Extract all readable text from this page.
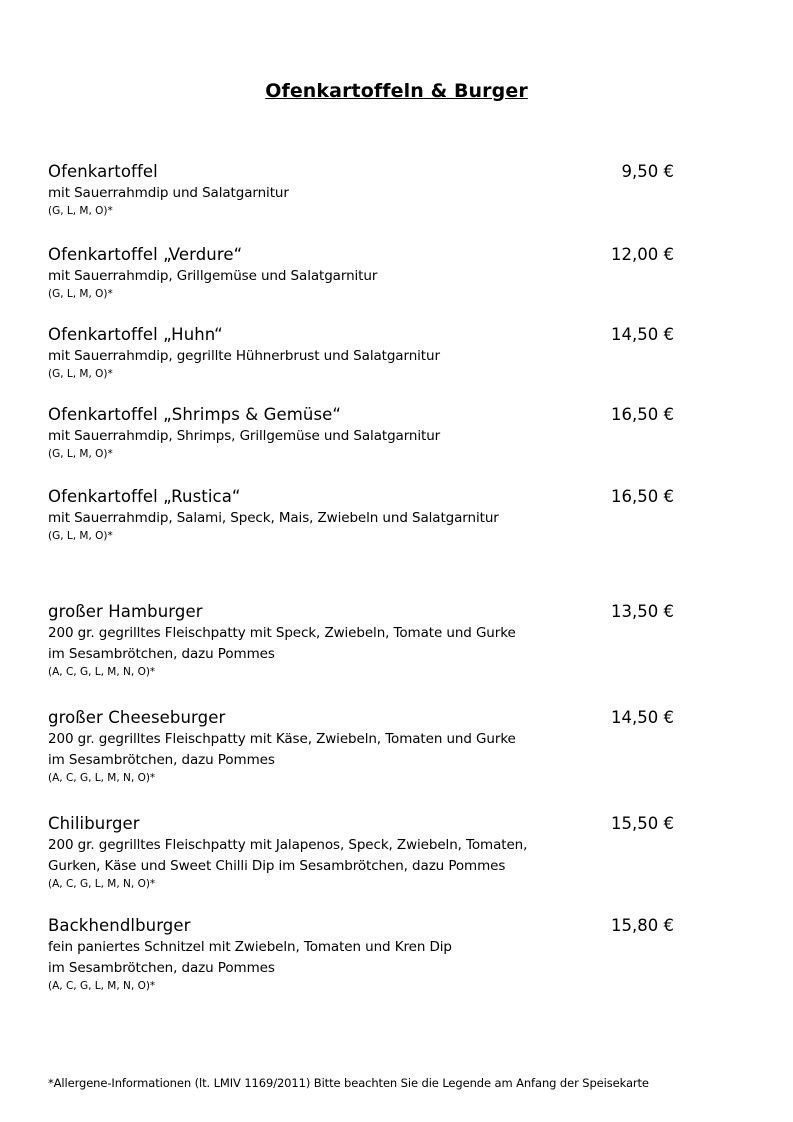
Ofenkartoffeln & Burger
Ofenkartoffel	9,50 €
mit Sauerrahmdip und Salatgarnitur
(G, L, M, O)*
Ofenkartoffel „Verdure“	12,00 €
mit Sauerrahmdip, Grillgemüse und Salatgarnitur
(G, L, M, O)*
Ofenkartoffel „Huhn“	14,50 €
mit Sauerrahmdip, gegrillte Hühnerbrust und Salatgarnitur
(G, L, M, O)*
Ofenkartoffel „Shrimps & Gemüse“	16,50 €
mit Sauerrahmdip, Shrimps, Grillgemüse und Salatgarnitur
(G, L, M, O)*
Ofenkartoffel „Rustica“	16,50 €
mit Sauerrahmdip, Salami, Speck, Mais, Zwiebeln und Salatgarnitur
(G, L, M, O)*
großer Hamburger	13,50 €
200 gr. gegrilltes Fleischpatty mit Speck, Zwiebeln, Tomate und Gurke
im Sesambrötchen, dazu Pommes
(A, C, G, L, M, N, O)*
großer Cheeseburger	14,50 €
200 gr. gegrilltes Fleischpatty mit Käse, Zwiebeln, Tomaten und Gurke
im Sesambrötchen, dazu Pommes
(A, C, G, L, M, N, O)*
Chiliburger	15,50 €
200 gr. gegrilltes Fleischpatty mit Jalapenos, Speck, Zwiebeln, Tomaten,
Gurken, Käse und Sweet Chilli Dip im Sesambrötchen, dazu Pommes
(A, C, G, L, M, N, O)*
Backhendlburger	15,80 €
fein paniertes Schnitzel mit Zwiebeln, Tomaten und Kren Dip
im Sesambrötchen, dazu Pommes
(A, C, G, L, M, N, O)*
*Allergene-Informationen (lt. LMIV 1169/2011) Bitte beachten Sie die Legende am Anfang der Speisekarte
